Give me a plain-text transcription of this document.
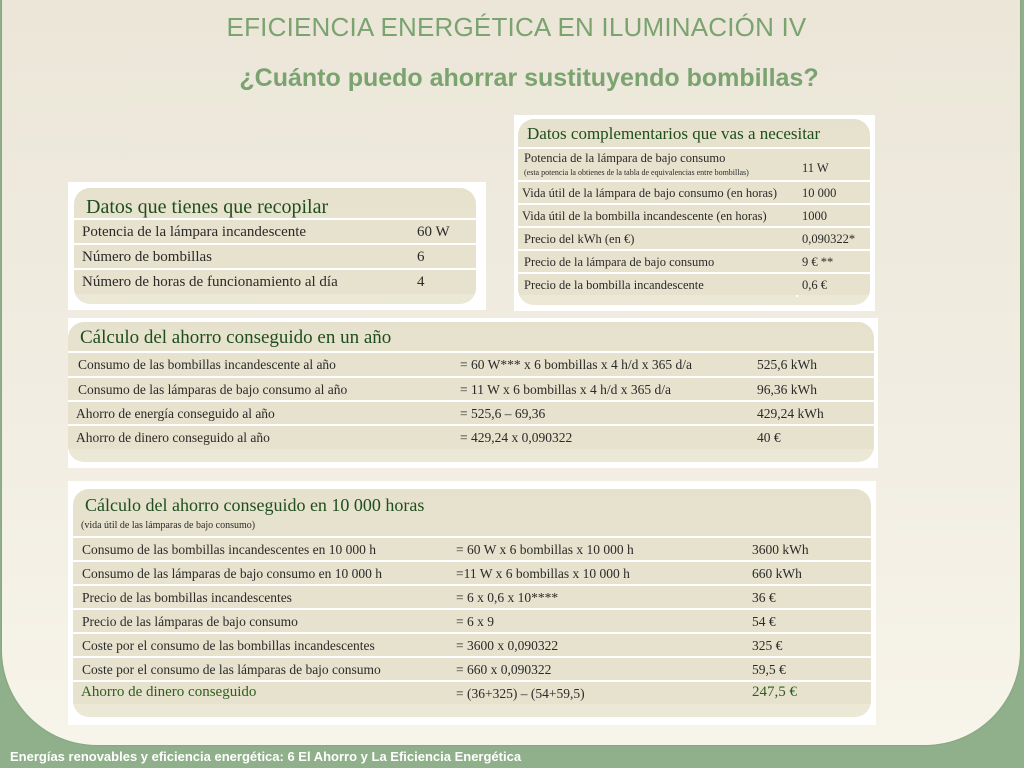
EFICIENCIA ENERGÉTICA EN ILUMINACIÓN IV
¿Cuánto puedo ahorrar sustituyendo bombillas?
Datos que tienes que recopilar
Potencia de la lámpara incandescente	60 W
Número de bombillas	6
Número de horas de funcionamiento al día	4
Datos complementarios que vas a necesitar
Potencia de la lámpara de bajo consumo
(esta potencia la obtienes de la tabla de equivalencias entre bombillas)	11 W
Vida útil de la lámpara de bajo consumo (en horas) 10 000
Vida útil de la bombilla incandescente (en horas)	1000
Precio del kWh (en €)	0,090322*
Precio de la lámpara de bajo consumo	9 € **
Precio de la bombilla incandescente	0,6 €
Cálculo del ahorro conseguido en un año
Consumo de las bombillas incandescente al año	= 60 W*** x 6 bombillas x 4 h/d x 365 d/a	525,6 kWh
Consumo de las lámparas de bajo consumo al año	= 11 W x 6 bombillas x 4 h/d x 365 d/a	96,36 kWh
Ahorro de energía conseguido al año	= 525,6 – 69,36	429,24 kWh
Ahorro de dinero conseguido al año	= 429,24 x 0,090322	40 €
Cálculo del ahorro conseguido en 10 000 horas
(vida útil de las lámparas de bajo consumo)
Consumo de las bombillas incandescentes en 10 000 h	= 60 W x 6 bombillas x 10 000 h	3600 kWh
Consumo de las lámparas de bajo consumo en 10 000 h	=11 W x 6 bombillas x 10 000 h	660 kWh
Precio de las bombillas incandescentes	= 6 x 0,6 x 10****	36 €
Precio de las lámparas de bajo consumo	= 6 x 9	54 €
Coste por el consumo de las bombillas incandescentes	= 3600 x 0,090322	325 €
Coste por el consumo de las lámparas de bajo consumo	= 660 x 0,090322	59,5 €
Ahorro de dinero conseguido	= (36+325) – (54+59,5)	247,5 €
Energías renovables y eficiencia energética: 6 El Ahorro y La Eficiencia Energética
